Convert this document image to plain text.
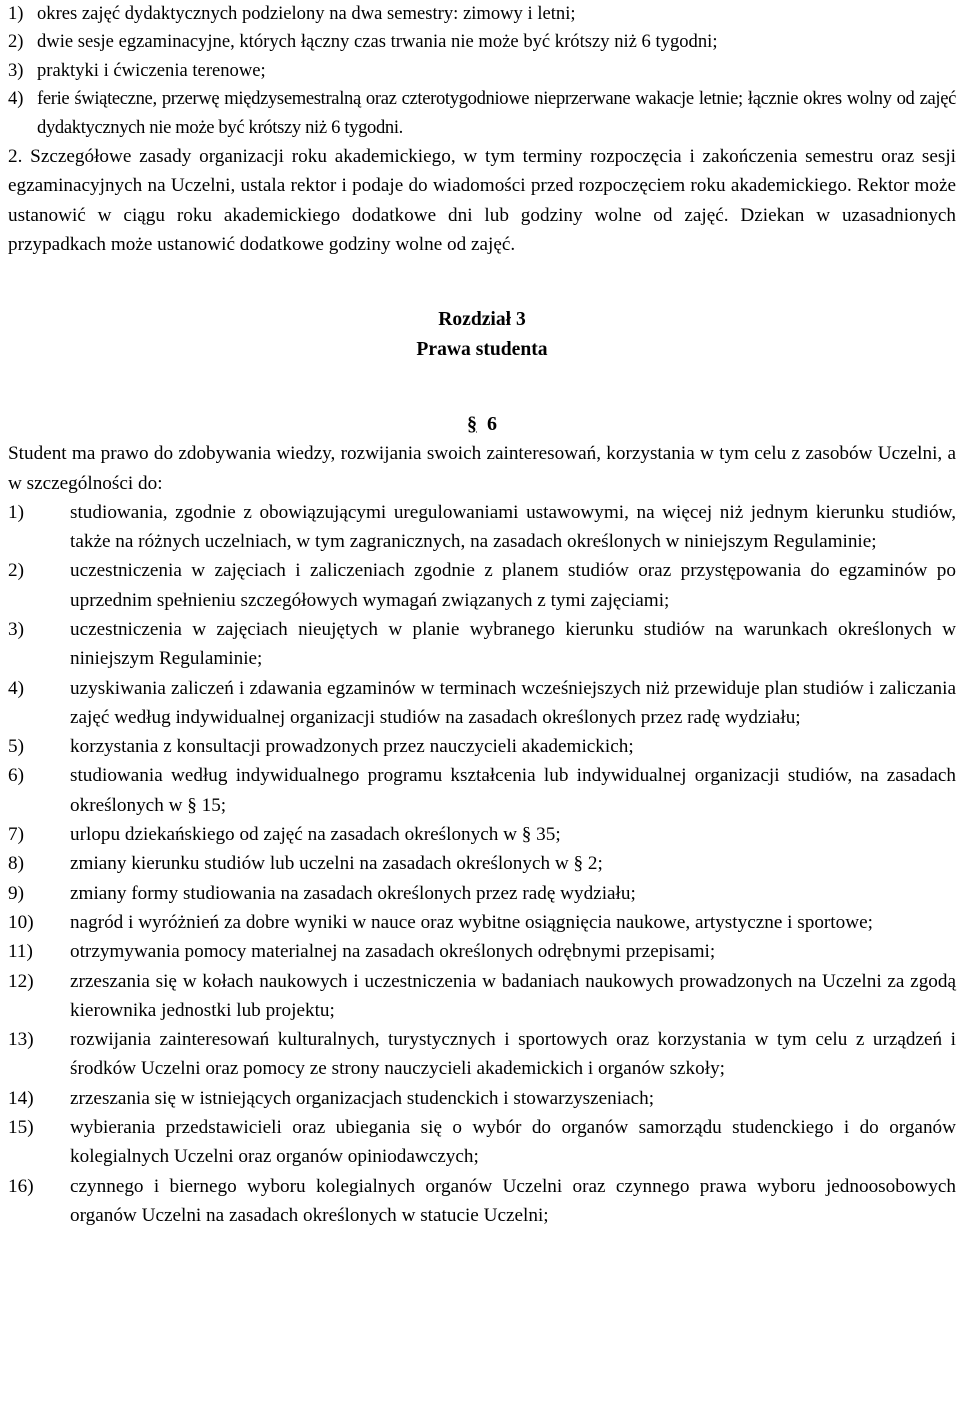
1) okres zajęć dydaktycznych podzielony na dwa semestry: zimowy i letni;
2) dwie sesje egzaminacyjne, których łączny czas trwania nie może być krótszy niż 6 tygodni;
3) praktyki i ćwiczenia terenowe;
4) ferie świąteczne, przerwę międzysemestralną oraz czterotygodniowe nieprzerwane wakacje letnie; łącznie okres wolny od zajęć dydaktycznych nie może być krótszy niż 6 tygodni.

2. Szczegółowe zasady organizacji roku akademickiego, w tym terminy rozpoczęcia i zakończenia semestru oraz sesji egzaminacyjnych na Uczelni, ustala rektor i podaje do wiadomości przed rozpoczęciem roku akademickiego. Rektor może ustanowić w ciągu roku akademickiego dodatkowe dni lub godziny wolne od zajęć. Dziekan w uzasadnionych przypadkach może ustanowić dodatkowe godziny wolne od zajęć.

Rozdział 3

Prawa studenta

§ 6

Student ma prawo do zdobywania wiedzy, rozwijania swoich zainteresowań, korzystania w tym celu z zasobów Uczelni, a w szczególności do:

1)	studiowania, zgodnie z obowiązującymi uregulowaniami ustawowymi, na więcej niż jednym kierunku studiów, także na różnych uczelniach, w tym zagranicznych, na zasadach określonych w niniejszym Regulaminie;
2)	uczestniczenia w zajęciach i zaliczeniach zgodnie z planem studiów oraz przystępowania do egzaminów po uprzednim spełnieniu szczegółowych wymagań związanych z tymi zajęciami;
3)	uczestniczenia w zajęciach nieujętych w planie wybranego kierunku studiów na warunkach określonych w niniejszym Regulaminie;
4)	uzyskiwania zaliczeń i zdawania egzaminów w terminach wcześniejszych niż przewiduje plan studiów i zaliczania zajęć według indywidualnej organizacji studiów na zasadach określonych przez radę wydziału;
5)	korzystania z konsultacji prowadzonych przez nauczycieli akademickich;
6)	studiowania według indywidualnego programu kształcenia lub indywidualnej organizacji studiów, na zasadach określonych w § 15;
7)	urlopu dziekańskiego od zajęć na zasadach określonych w § 35;
8)	zmiany kierunku studiów lub uczelni na zasadach określonych w § 2;
9)	zmiany formy studiowania na zasadach określonych przez radę wydziału;
10)	nagród i wyróżnień za dobre wyniki w nauce oraz wybitne osiągnięcia naukowe, artystyczne i sportowe;
11)	otrzymywania pomocy materialnej na zasadach określonych odrębnymi przepisami;
12)	zrzeszania się w kołach naukowych i uczestniczenia w badaniach naukowych prowadzonych na Uczelni za zgodą kierownika jednostki lub projektu;
13)	rozwijania zainteresowań kulturalnych, turystycznych i sportowych oraz korzystania w tym celu z urządzeń i środków Uczelni oraz pomocy ze strony nauczycieli akademickich i organów szkoły;
14)	zrzeszania się w istniejących organizacjach studenckich i stowarzyszeniach;
15)	wybierania przedstawicieli oraz ubiegania się o wybór do organów samorządu studenckiego i do organów kolegialnych Uczelni oraz organów opiniodawczych;
16)	czynnego i biernego wyboru kolegialnych organów Uczelni oraz czynnego prawa wyboru jednoosobowych organów Uczelni na zasadach określonych w statucie Uczelni;
